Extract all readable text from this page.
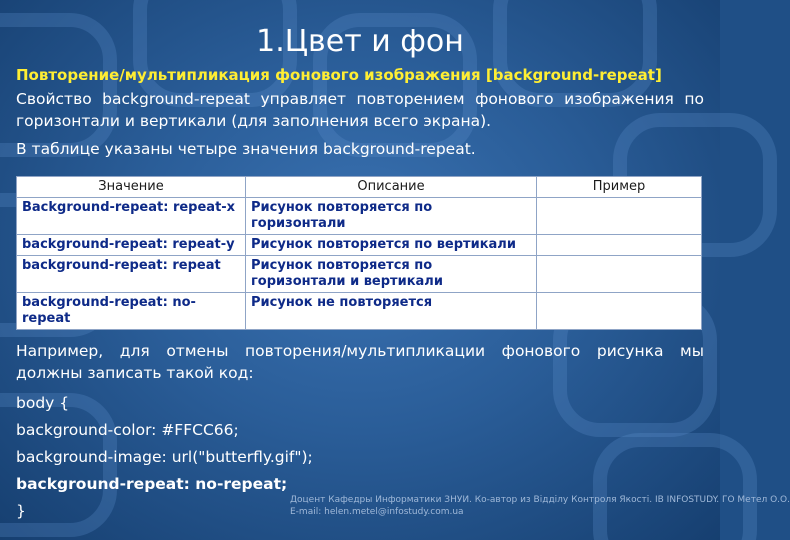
1.Цвет и фон

Повторение/мультипликация фонового изображения [background-repeat]

Свойство background-repeat управляет повторением фонового изображения по горизонтали и вертикали (для заполнения всего экрана).

В таблице указаны четыре значения background-repeat.

Значение	Описание	Пример
Background-repeat: repeat-x	Рисунок повторяется по горизонтали	
background-repeat: repeat-y	Рисунок повторяется по вертикали	
background-repeat: repeat	Рисунок повторяется по горизонтали и вертикали	
background-repeat: no-repeat	Рисунок не повторяется	

Например, для отмены повторения/мультипликации фонового рисунка мы должны записать такой код:

body {

background-color: #FFCC66;

background-image: url("butterfly.gif");

background-repeat: no-repeat;

}

Доцент Кафедры Информатики ЗНУИ. Ко-автор из Відділу Контроля Якості. IB INFOSTUDY. ГО Метел О.О.
E-mail: helen.metel@infostudy.com.ua
